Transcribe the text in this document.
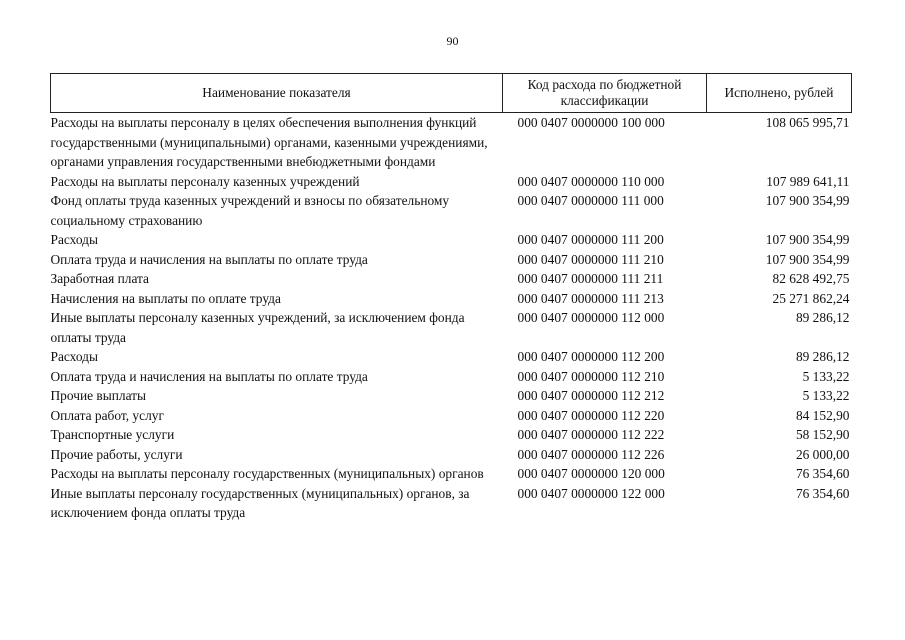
90
Наименование показателя	Код расхода по бюджетной классификации	Исполнено, рублей
Расходы на выплаты персоналу в целях обеспечения выполнения функций государственными (муниципальными) органами, казенными учреждениями, органами управления государственными внебюджетными фондами	000 0407 0000000 100 000	108 065 995,71
Расходы на выплаты персоналу казенных учреждений	000 0407 0000000 110 000	107 989 641,11
Фонд оплаты труда казенных учреждений и взносы по обязательному социальному страхованию	000 0407 0000000 111 000	107 900 354,99
Расходы	000 0407 0000000 111 200	107 900 354,99
Оплата труда и начисления на выплаты по оплате труда	000 0407 0000000 111 210	107 900 354,99
Заработная плата	000 0407 0000000 111 211	82 628 492,75
Начисления на выплаты по оплате труда	000 0407 0000000 111 213	25 271 862,24
Иные выплаты персоналу казенных учреждений, за исключением фонда оплаты труда	000 0407 0000000 112 000	89 286,12
Расходы	000 0407 0000000 112 200	89 286,12
Оплата труда и начисления на выплаты по оплате труда	000 0407 0000000 112 210	5 133,22
Прочие выплаты	000 0407 0000000 112 212	5 133,22
Оплата работ, услуг	000 0407 0000000 112 220	84 152,90
Транспортные услуги	000 0407 0000000 112 222	58 152,90
Прочие работы, услуги	000 0407 0000000 112 226	26 000,00
Расходы на выплаты персоналу государственных (муниципальных) органов	000 0407 0000000 120 000	76 354,60
Иные выплаты персоналу государственных (муниципальных) органов, за исключением фонда оплаты труда	000 0407 0000000 122 000	76 354,60
